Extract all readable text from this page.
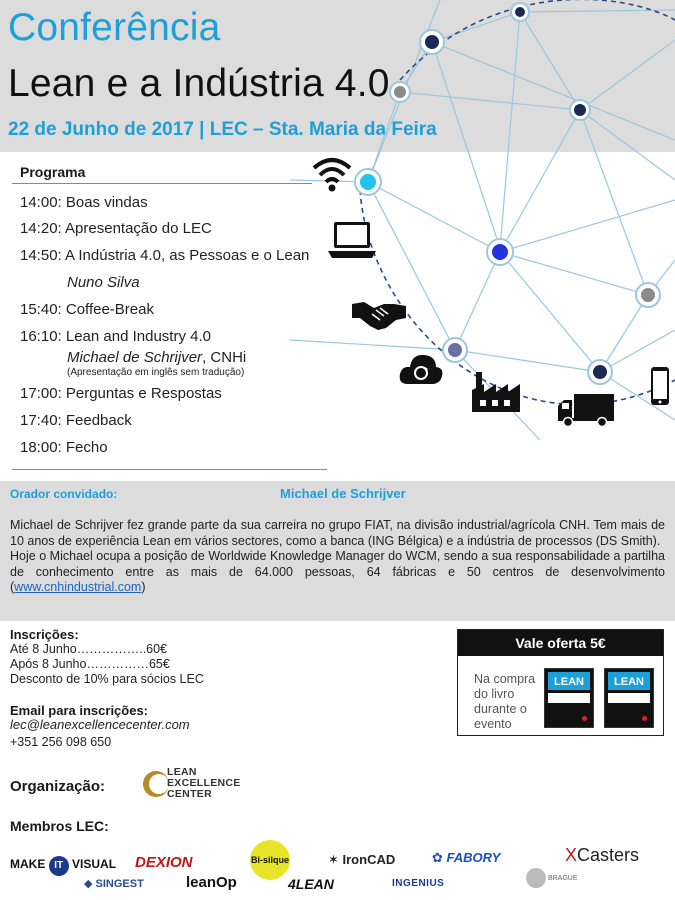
Conferência
Lean e a Indústria 4.0
22 de Junho de 2017 | LEC – Sta. Maria da Feira
Programa
14:00: Boas vindas
14:20: Apresentação do LEC
14:50: A Indústria 4.0, as Pessoas e o Lean
Nuno Silva
15:40: Coffee-Break
16:10: Lean and Industry 4.0
Michael de Schrijver, CNHi
(Apresentação em inglês sem tradução)
17:00: Perguntas e Respostas
17:40: Feedback
18:00: Fecho
Orador convidado:	Michael de Schrijver
Michael de Schrijver fez grande parte da sua carreira no grupo FIAT, na divisão industrial/agrícola CNH. Tem mais de 10 anos de experiência Lean em vários sectores, como a banca (ING Bélgica) e a indústria de processos (DS Smith).
Hoje o Michael ocupa a posição de Worldwide Knowledge Manager do WCM, sendo a sua responsabilidade a partilha de conhecimento entre as mais de 64.000 pessoas, 64 fábricas e 50 centros de desenvolvimento (www.cnhindustrial.com)
Inscrições:
Até 8 Junho……………..60€
Após 8 Junho……………65€
Desconto de 10% para sócios LEC
Email para inscrições:
lec@leanexcellencecenter.com
+351 256 098 650
Vale oferta 5€
Na compra do livro durante o evento
LEAN	LEAN
Organização:
LEAN
EXCELLENCE
CENTER
Membros LEC:
MAKE IT VISUAL DEXION	Bi-silque	✶ IronCAD	✿ FABORY	XCasters
◆ SINGEST	leanOp	4LEAN	INGENIUS	BRAGUE
